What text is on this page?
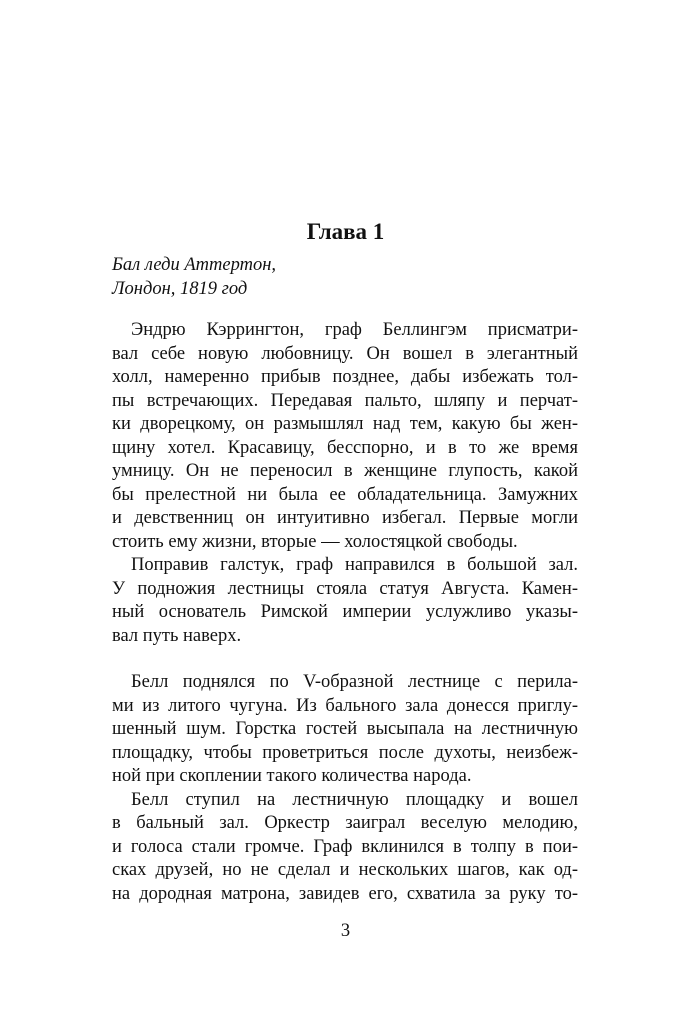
Глава 1
Бал леди Аттертон,
Лондон, 1819 год
Эндрю Кэррингтон, граф Беллингэм присматри-
вал себе новую любовницу. Он вошел в элегантный
холл, намеренно прибыв позднее, дабы избежать тол-
пы встречающих. Передавая пальто, шляпу и перчат-
ки дворецкому, он размышлял над тем, какую бы жен-
щину хотел. Красавицу, бесспорно, и в то же время
умницу. Он не переносил в женщине глупость, какой
бы прелестной ни была ее обладательница. Замужних
и девственниц он интуитивно избегал. Первые могли
стоить ему жизни, вторые — холостяцкой свободы.
Поправив галстук, граф направился в большой зал.
У подножия лестницы стояла статуя Августа. Камен-
ный основатель Римской империи услужливо указы-
вал путь наверх.
Белл поднялся по V-образной лестнице с перила-
ми из литого чугуна. Из бального зала донесся приглу-
шенный шум. Горстка гостей высыпала на лестничную
площадку, чтобы проветриться после духоты, неизбеж-
ной при скоплении такого количества народа.
Белл ступил на лестничную площадку и вошел
в бальный зал. Оркестр заиграл веселую мелодию,
и голоса стали громче. Граф вклинился в толпу в пои-
сках друзей, но не сделал и нескольких шагов, как од-
на дородная матрона, завидев его, схватила за руку то-
3
